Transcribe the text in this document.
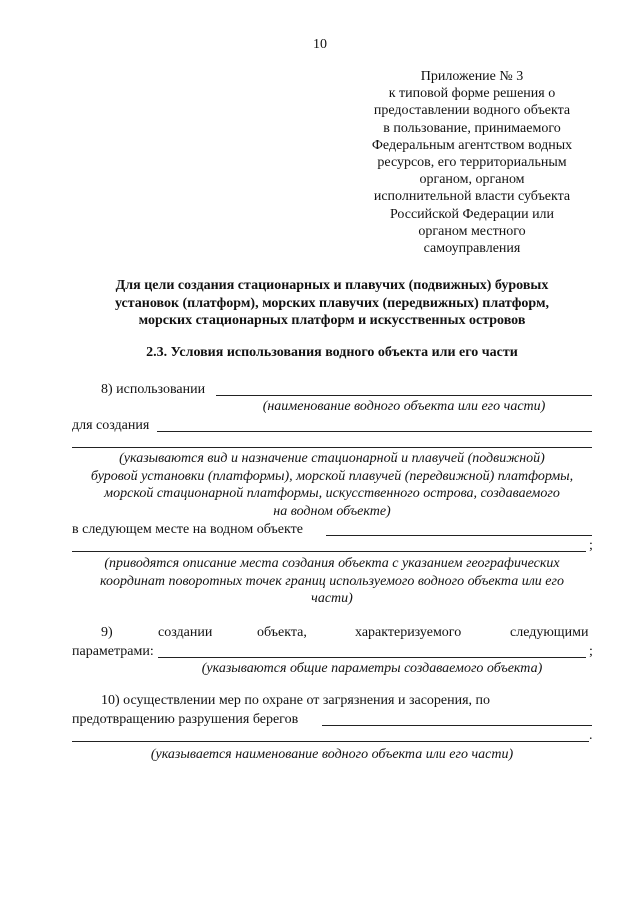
10
Приложение № 3
к типовой форме решения о
предоставлении водного объекта
в пользование, принимаемого
Федеральным агентством водных
ресурсов, его территориальным
органом, органом
исполнительной власти субъекта
Российской Федерации или
органом местного
самоуправления
Для цели создания стационарных и плавучих (подвижных) буровых
установок (платформ), морских плавучих (передвижных) платформ,
морских стационарных платформ и искусственных островов
2.3. Условия использования водного объекта или его части
8) использовании
(наименование водного объекта или его части)
для создания
(указываются вид и назначение стационарной и плавучей (подвижной)
буровой установки (платформы), морской плавучей (передвижной) платформы,
морской стационарной платформы, искусственного острова, создаваемого
на водном объекте)
в следующем месте на водном объекте
;
(приводятся описание места создания объекта с указанием географических
координат поворотных точек границ используемого водного объекта или его
части)
9)	создании	объекта,	характеризуемого	следующими
параметрами:	;
(указываются общие параметры создаваемого объекта)
10) осуществлении мер по охране от загрязнения и засорения, по
предотвращению разрушения берегов
.
(указывается наименование водного объекта или его части)
